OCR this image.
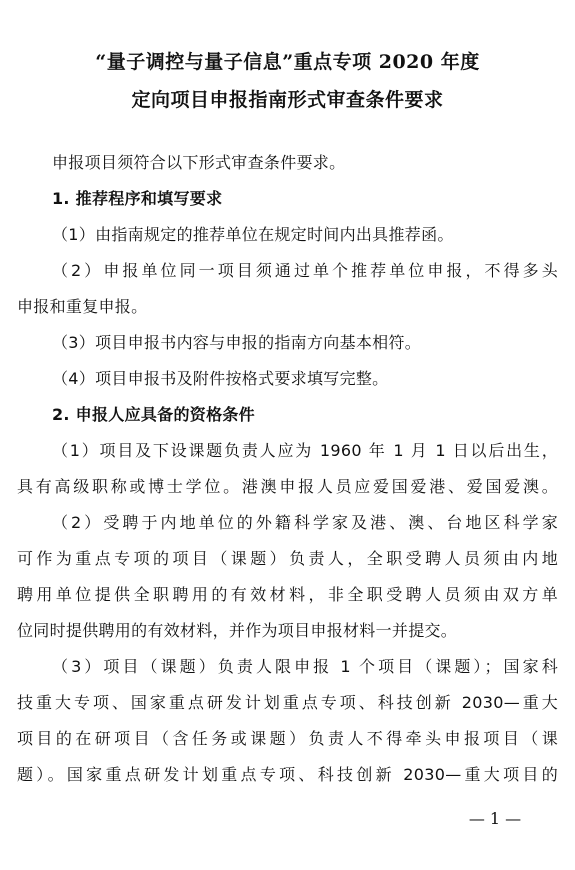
“量子调控与量子信息”重点专项 2020 年度
定向项目申报指南形式审查条件要求
申报项目须符合以下形式审查条件要求。
1. 推荐程序和填写要求
（1）由指南规定的推荐单位在规定时间内出具推荐函。
（2）申报单位同一项目须通过单个推荐单位申报，不得多头
申报和重复申报。
（3）项目申报书内容与申报的指南方向基本相符。
（4）项目申报书及附件按格式要求填写完整。
2. 申报人应具备的资格条件
（1）项目及下设课题负责人应为 1960 年 1 月 1 日以后出生，
具有高级职称或博士学位。港澳申报人员应爱国爱港、爱国爱澳。
（2）受聘于内地单位的外籍科学家及港、澳、台地区科学家
可作为重点专项的项目（课题）负责人，全职受聘人员须由内地
聘用单位提供全职聘用的有效材料，非全职受聘人员须由双方单
位同时提供聘用的有效材料，并作为项目申报材料一并提交。
（3）项目（课题）负责人限申报 1 个项目（课题）；国家科
技重大专项、国家重点研发计划重点专项、科技创新 2030—重大
项目的在研项目（含任务或课题）负责人不得牵头申报项目（课
题）。国家重点研发计划重点专项、科技创新 2030—重大项目的
— 1 —
